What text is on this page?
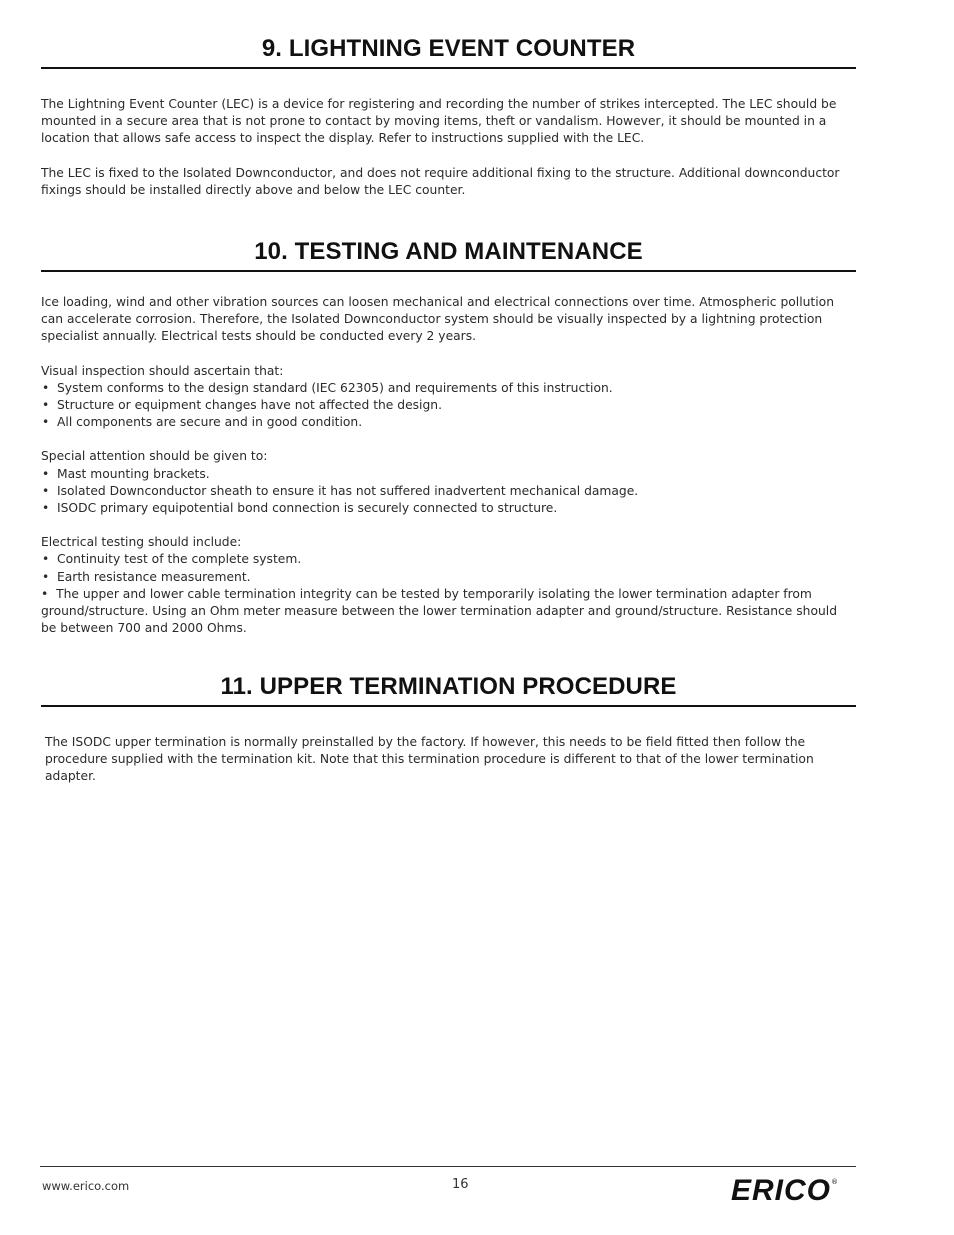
9. LIGHTNING EVENT COUNTER

The Lightning Event Counter (LEC) is a device for registering and recording the number of strikes intercepted. The LEC should be mounted in a secure area that is not prone to contact by moving items, theft or vandalism. However, it should be mounted in a location that allows safe access to inspect the display. Refer to instructions supplied with the LEC.

The LEC is fixed to the Isolated Downconductor, and does not require additional fixing to the structure. Additional downconductor fixings should be installed directly above and below the LEC counter.

10. TESTING AND MAINTENANCE

Ice loading, wind and other vibration sources can loosen mechanical and electrical connections over time. Atmospheric pollution can accelerate corrosion. Therefore, the Isolated Downconductor system should be visually inspected by a lightning protection specialist annually. Electrical tests should be conducted every 2 years.

Visual inspection should ascertain that:

• System conforms to the design standard (IEC 62305) and requirements of this instruction.
• Structure or equipment changes have not affected the design.
• All components are secure and in good condition.

Special attention should be given to:

• Mast mounting brackets.
• Isolated Downconductor sheath to ensure it has not suffered inadvertent mechanical damage.
• ISODC primary equipotential bond connection is securely connected to structure.

Electrical testing should include:

• Continuity test of the complete system.
• Earth resistance measurement.

•  The upper and lower cable termination integrity can be tested by temporarily isolating the lower termination adapter from ground/structure. Using an Ohm meter measure between the lower termination adapter and ground/structure. Resistance should be between 700 and 2000 Ohms.

11. UPPER TERMINATION PROCEDURE

The ISODC upper termination is normally preinstalled by the factory. If however, this needs to be field fitted then follow the procedure supplied with the termination kit. Note that this termination procedure is different to that of the lower termination adapter.

www.erico.com	16	ERICO ®
